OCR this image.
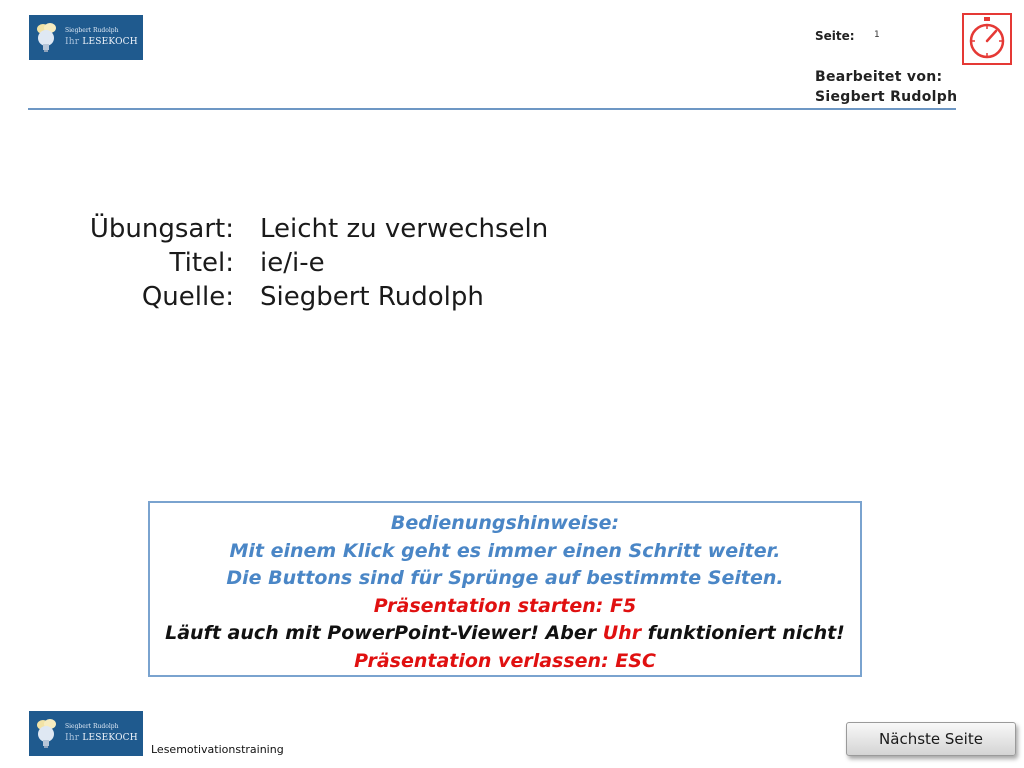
Siegbert Rudolph
Ihr LESEKOCH	Seite: 1
Bearbeitet von:
Siegbert Rudolph
Übungsart: Leicht zu verwechseln
Titel: ie/i-e
Quelle: Siegbert Rudolph
Bedienungshinweise:
Mit einem Klick geht es immer einen Schritt weiter.
Die Buttons sind für Sprünge auf bestimmte Seiten.
Präsentation starten: F5
Läuft auch mit PowerPoint-Viewer! Aber Uhr funktioniert nicht!
Präsentation verlassen: ESC
Siegbert Rudolph
Ihr LESEKOCH
Lesemotivationstraining
Nächste Seite
